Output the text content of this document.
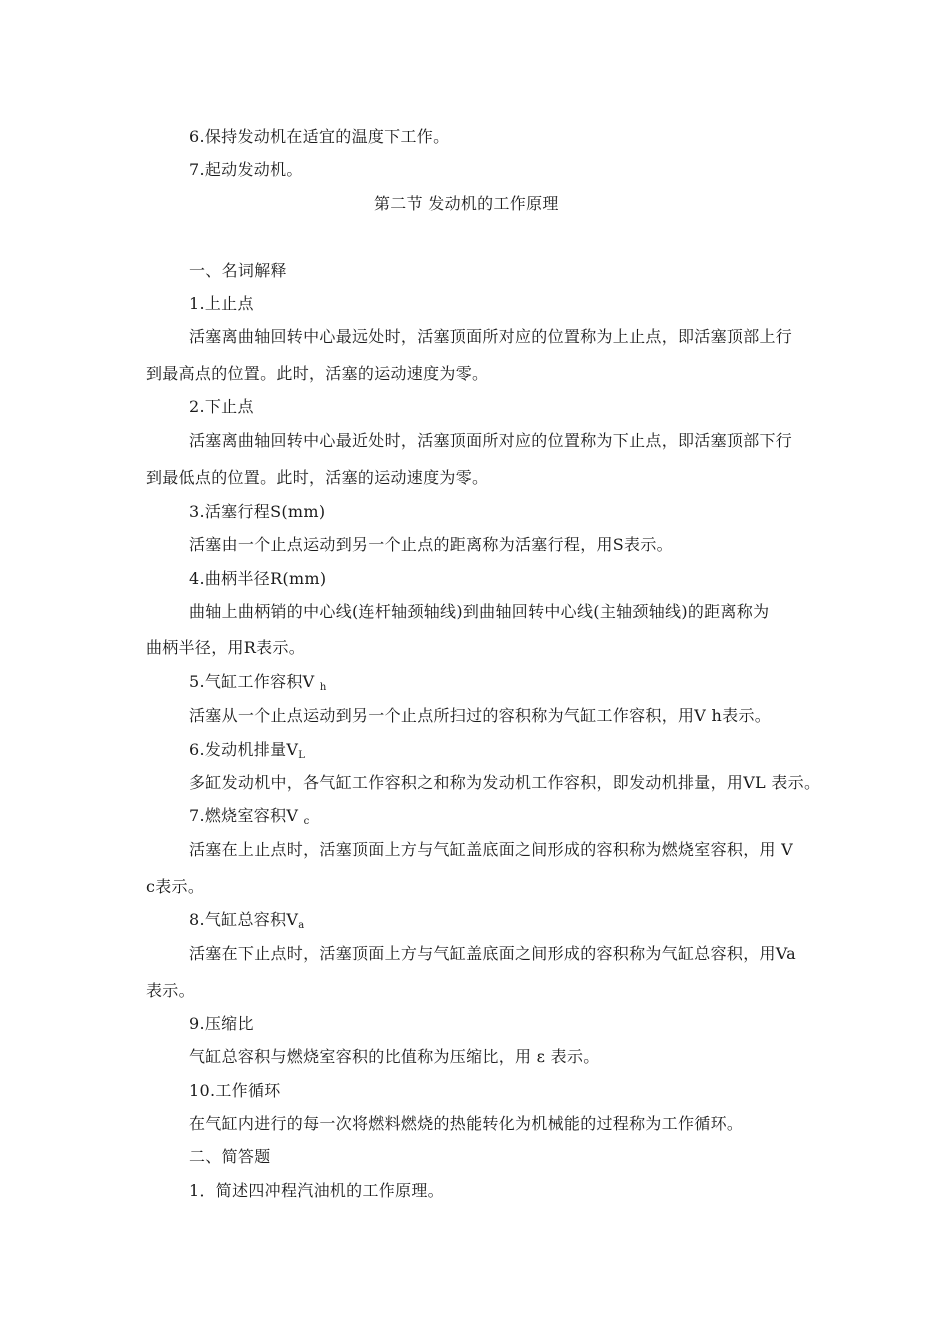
6.保持发动机在适宜的温度下工作。
7.起动发动机。
第二节 发动机的工作原理
一、名词解释
1.上止点
活塞离曲轴回转中心最远处时，活塞顶面所对应的位置称为上止点，即活塞顶部上行
到最高点的位置。此时，活塞的运动速度为零。
2.下止点
活塞离曲轴回转中心最近处时，活塞顶面所对应的位置称为下止点，即活塞顶部下行
到最低点的位置。此时，活塞的运动速度为零。
3.活塞行程S(mm)
活塞由一个止点运动到另一个止点的距离称为活塞行程，用S表示。
4.曲柄半径R(mm)
曲轴上曲柄销的中心线(连杆轴颈轴线)到曲轴回转中心线(主轴颈轴线)的距离称为
曲柄半径，用R表示。
5.气缸工作容积V $_h$
活塞从一个止点运动到另一个止点所扫过的容积称为气缸工作容积，用V h表示。
6.发动机排量$V_L$
多缸发动机中，各气缸工作容积之和称为发动机工作容积，即发动机排量，用VL 表示。
7.燃烧室容积V $_c$
活塞在上止点时，活塞顶面上方与气缸盖底面之间形成的容积称为燃烧室容积，用 V
c表示。
8.气缸总容积$V_a$
活塞在下止点时，活塞顶面上方与气缸盖底面之间形成的容积称为气缸总容积，用Va
表示。
9.压缩比
气缸总容积与燃烧室容积的比值称为压缩比，用 ε 表示。
10.工作循环
在气缸内进行的每一次将燃料燃烧的热能转化为机械能的过程称为工作循环。
二、简答题
1．简述四冲程汽油机的工作原理。
